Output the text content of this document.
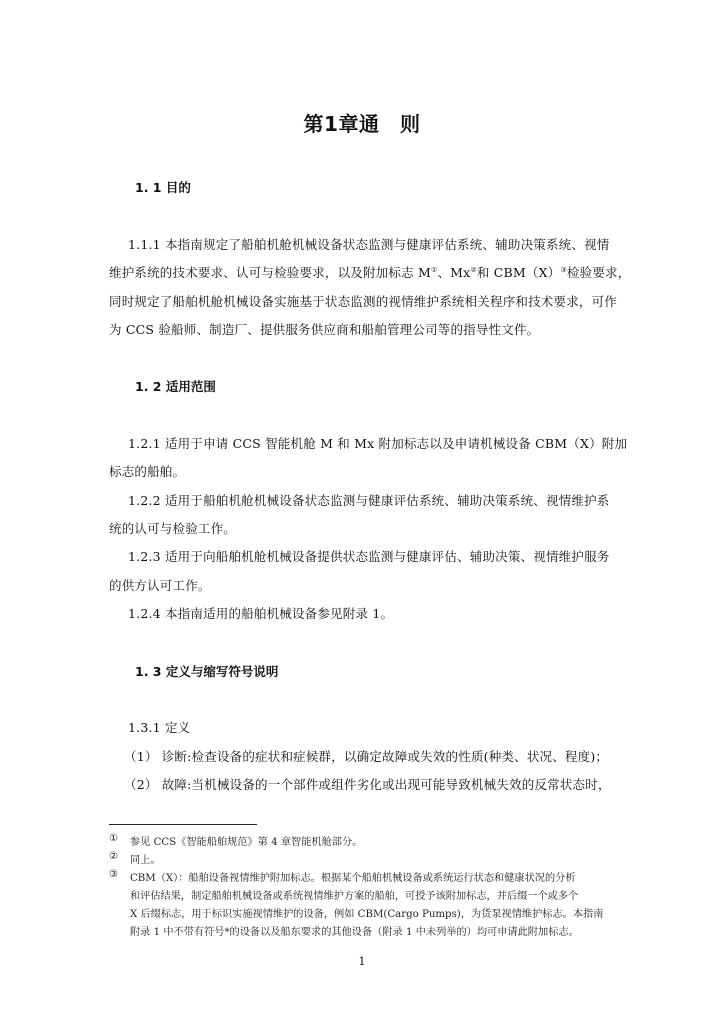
第1章通　则
1. 1 目的
1.1.1 本指南规定了船舶机舱机械设备状态监测与健康评估系统、辅助决策系统、视情
维护系统的技术要求、认可与检验要求，以及附加标志 M①、Mx②和 CBM（X）③检验要求，
同时规定了船舶机舱机械设备实施基于状态监测的视情维护系统相关程序和技术要求，可作
为 CCS 验船师、制造厂、提供服务供应商和船舶管理公司等的指导性文件。
1. 2 适用范围
1.2.1 适用于申请 CCS 智能机舱 M 和 Mx 附加标志以及申请机械设备 CBM（X）附加
标志的船舶。
1.2.2 适用于船舶机舱机械设备状态监测与健康评估系统、辅助决策系统、视情维护系
统的认可与检验工作。
1.2.3 适用于向船舶机舱机械设备提供状态监测与健康评估、辅助决策、视情维护服务
的供方认可工作。
1.2.4 本指南适用的船舶机械设备参见附录 1。
1. 3 定义与缩写符号说明
1.3.1 定义
（1） 诊断:检查设备的症状和症候群，以确定故障或失效的性质(种类、状况、程度)；
（2） 故障:当机械设备的一个部件或组件劣化或出现可能导致机械失效的反常状态时，
① 参见 CCS《智能船舶规范》第 4 章智能机舱部分。
② 同上。
③ CBM（X）：船舶设备视情维护附加标志。根据某个船舶机械设备或系统运行状态和健康状况的分析
和评估结果，制定船舶机械设备或系统视情维护方案的船舶，可授予该附加标志，并后缀一个或多个
X 后缀标志，用于标识实施视情维护的设备，例如 CBM(Cargo Pumps)，为货泵视情维护标志。本指南
附录 1 中不带有符号*的设备以及船东要求的其他设备（附录 1 中未列举的）均可申请此附加标志。
1
